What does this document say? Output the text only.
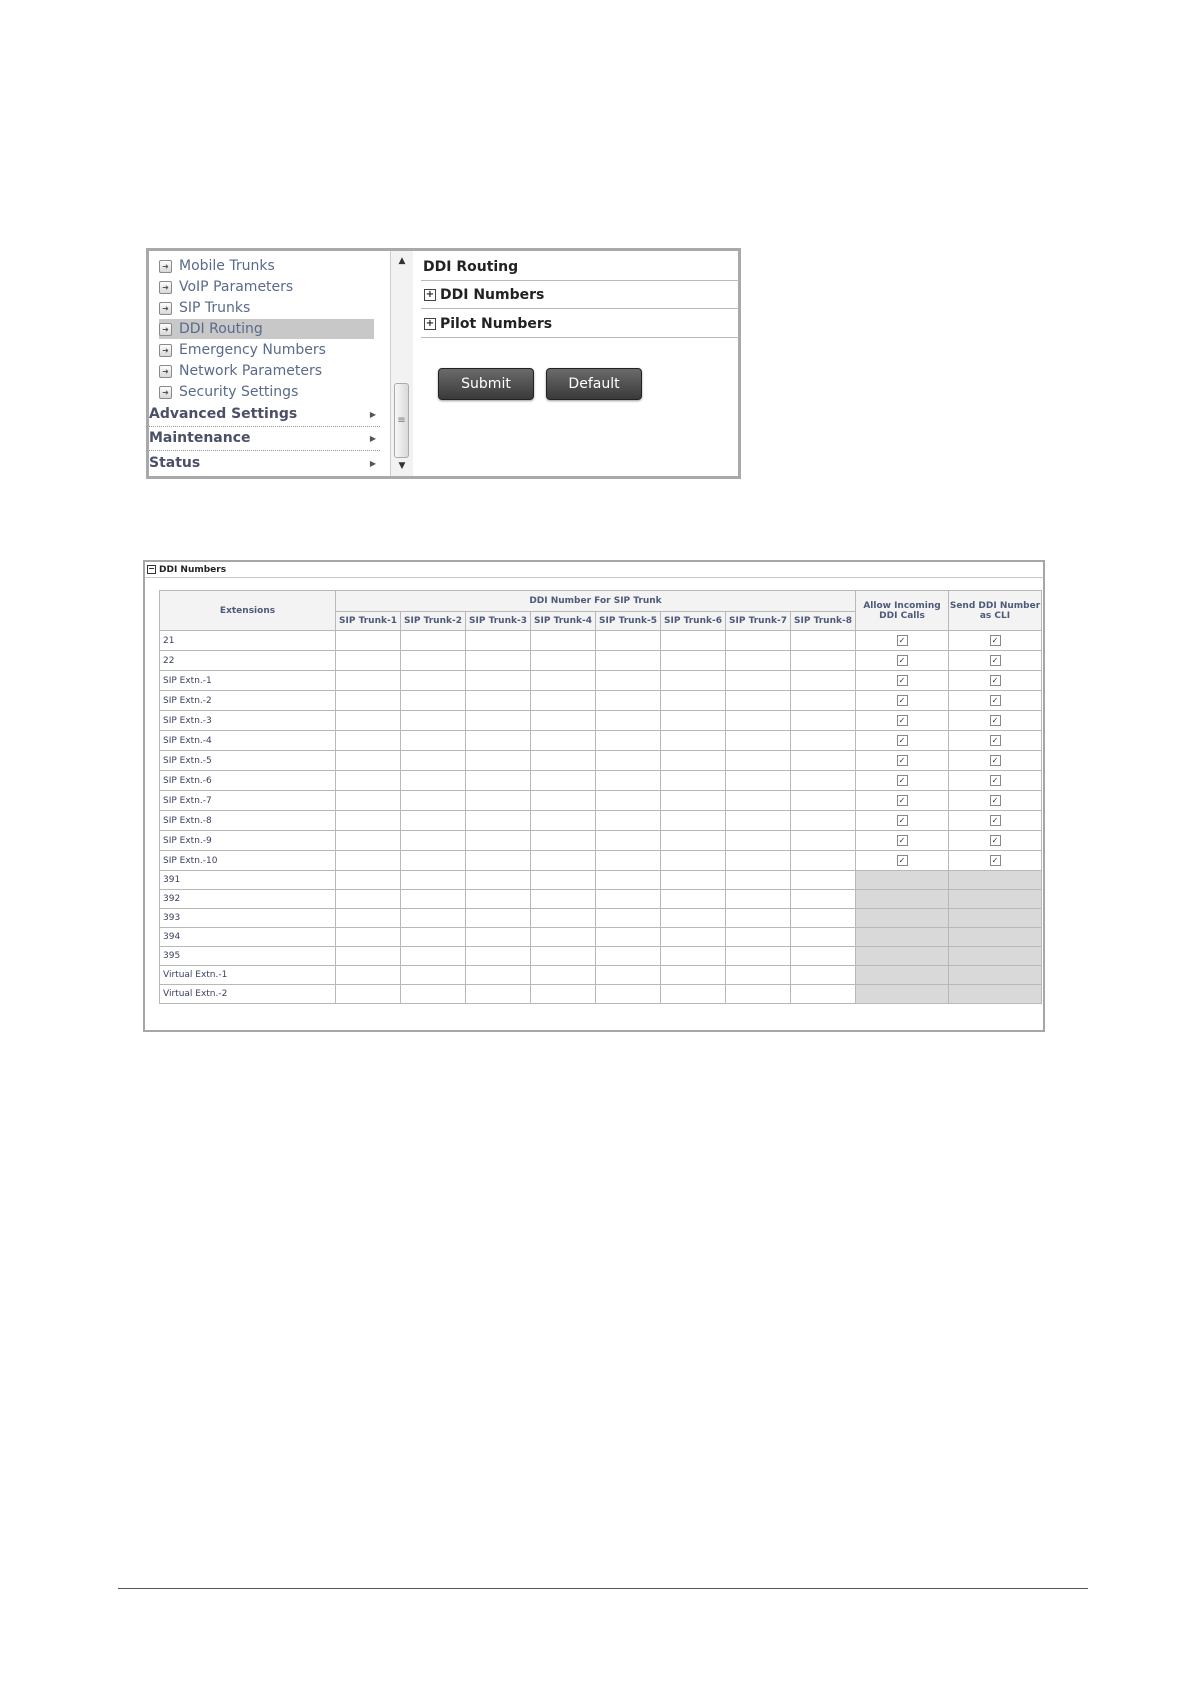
➜ Mobile Trunks
➜ VoIP Parameters
➜ SIP Trunks
➜ DDI Routing
➜ Emergency Numbers
➜ Network Parameters
➜ Security Settings
Advanced Settings	▶
Maintenance	▶
Status	▶
▲
≡
▼
DDI Routing
+ DDI Numbers
+ Pilot Numbers
Submit	Default
− DDI Numbers
Extensions	DDI Number For SIP Trunk								Allow Incoming DDI Calls	Send DDI Number as CLI
	SIP Trunk-1	SIP Trunk-2	SIP Trunk-3	SIP Trunk-4	SIP Trunk-5	SIP Trunk-6	SIP Trunk-7	SIP Trunk-8		
21									✓	✓
22									✓	✓
SIP Extn.-1									✓	✓
SIP Extn.-2									✓	✓
SIP Extn.-3									✓	✓
SIP Extn.-4									✓	✓
SIP Extn.-5									✓	✓
SIP Extn.-6									✓	✓
SIP Extn.-7									✓	✓
SIP Extn.-8									✓	✓
SIP Extn.-9									✓	✓
SIP Extn.-10									✓	✓
391										
392										
393										
394										
395										
Virtual Extn.-1										
Virtual Extn.-2										
